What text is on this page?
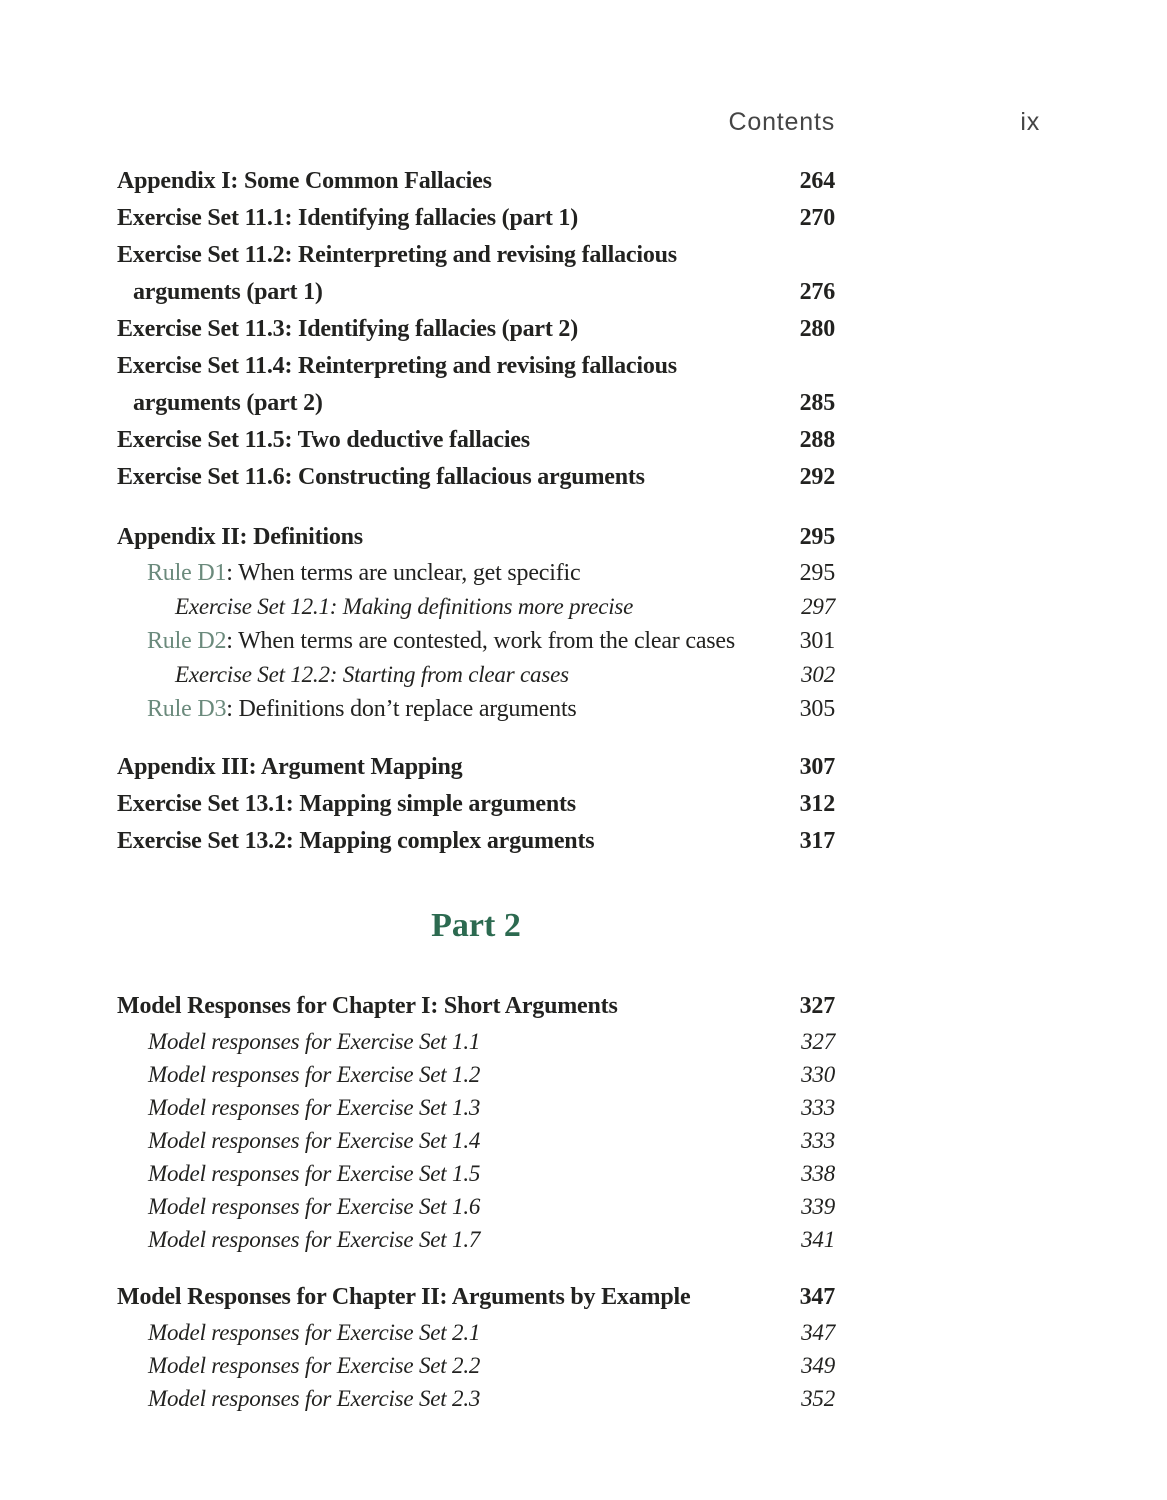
Contents	ix
Appendix I: Some Common Fallacies	264
Exercise Set 11.1: Identifying fallacies (part 1)	270
Exercise Set 11.2: Reinterpreting and revising fallacious
arguments (part 1)	276
Exercise Set 11.3: Identifying fallacies (part 2)	280
Exercise Set 11.4: Reinterpreting and revising fallacious
arguments (part 2)	285
Exercise Set 11.5: Two deductive fallacies	288
Exercise Set 11.6: Constructing fallacious arguments	292
Appendix II: Definitions	295
Rule D1: When terms are unclear, get specific	295
Exercise Set 12.1: Making definitions more precise	297
Rule D2: When terms are contested, work from the clear cases	301
Exercise Set 12.2: Starting from clear cases	302
Rule D3: Definitions don’t replace arguments	305
Appendix III: Argument Mapping	307
Exercise Set 13.1: Mapping simple arguments	312
Exercise Set 13.2: Mapping complex arguments	317
Part 2
Model Responses for Chapter I: Short Arguments	327
Model responses for Exercise Set 1.1	327
Model responses for Exercise Set 1.2	330
Model responses for Exercise Set 1.3	333
Model responses for Exercise Set 1.4	333
Model responses for Exercise Set 1.5	338
Model responses for Exercise Set 1.6	339
Model responses for Exercise Set 1.7	341
Model Responses for Chapter II: Arguments by Example	347
Model responses for Exercise Set 2.1	347
Model responses for Exercise Set 2.2	349
Model responses for Exercise Set 2.3	352
